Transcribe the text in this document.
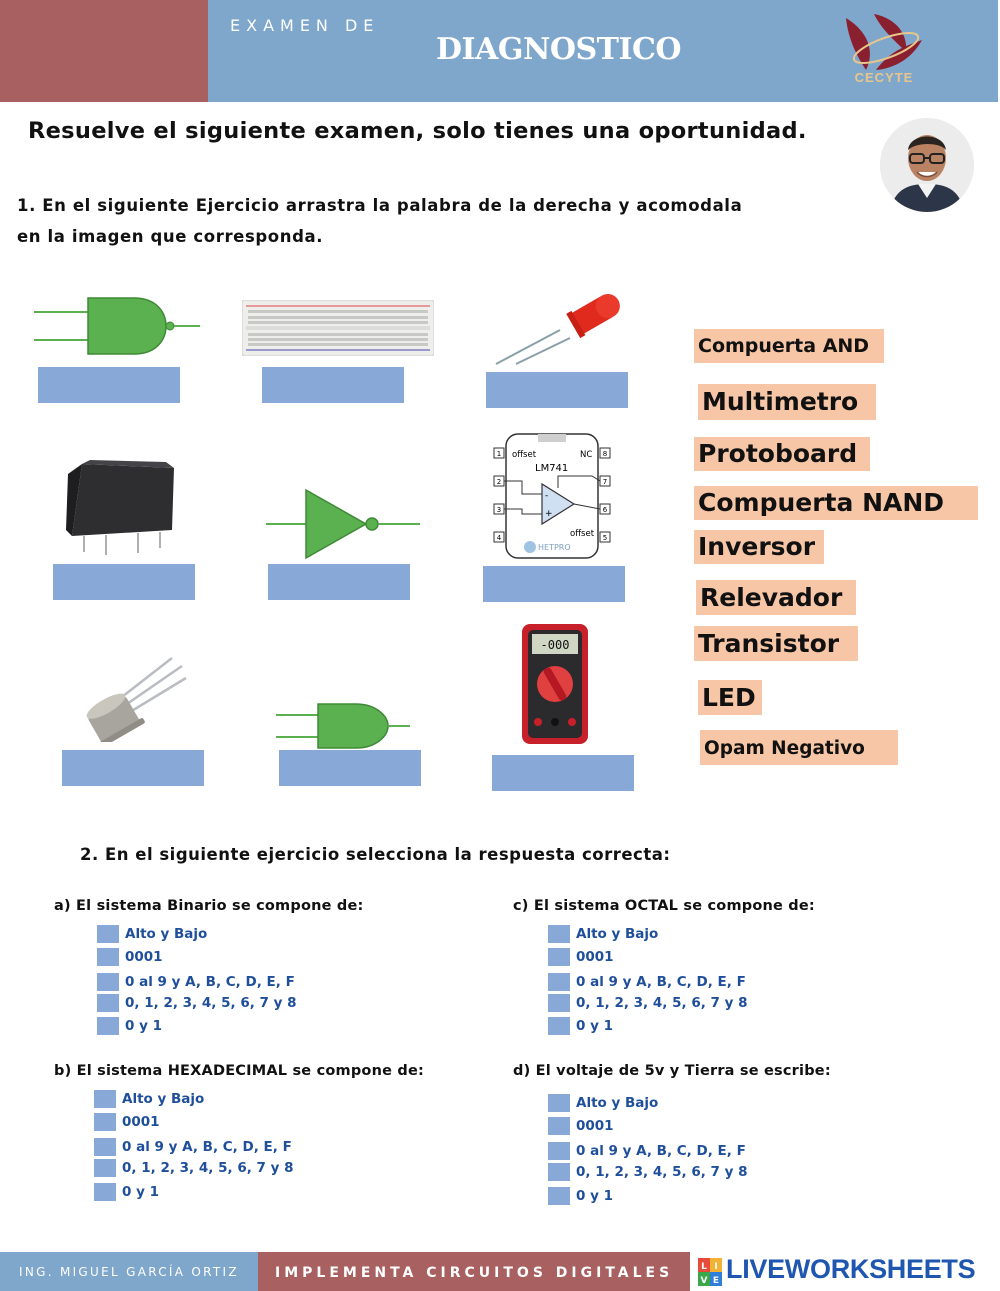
EXAMEN DE
DIAGNOSTICO
CECYTE
Resuelve el siguiente examen, solo tienes una oportunidad.
1. En el siguiente Ejercicio arrastra la palabra de la derecha y acomodala
en la imagen que corresponda.
1
2
3
4
8
7
6
5
offset	NC
LM741
-
+
offset
HETPRO
-000
Compuerta AND
Multimetro
Protoboard
Compuerta NAND
Inversor
Relevador
Transistor
LED
Opam Negativo
2. En el siguiente ejercicio selecciona la respuesta correcta:
a) El sistema Binario se compone de:
Alto y Bajo
0001
0 al 9 y A, B, C, D, E, F
0, 1, 2, 3, 4, 5, 6, 7 y 8
0 y 1
c) El sistema OCTAL se compone de:
Alto y Bajo
0001
0 al 9 y A, B, C, D, E, F
0, 1, 2, 3, 4, 5, 6, 7 y 8
0 y 1
b) El sistema HEXADECIMAL se compone de:
Alto y Bajo
0001
0 al 9 y A, B, C, D, E, F
0, 1, 2, 3, 4, 5, 6, 7 y 8
0 y 1
d) El voltaje de 5v y Tierra se escribe:
Alto y Bajo
0001
0 al 9 y A, B, C, D, E, F
0, 1, 2, 3, 4, 5, 6, 7 y 8
0 y 1
ING. MIGUEL GARCÍA ORTIZ	IMPLEMENTA CIRCUITOS DIGITALES	L I
V E LIVEWORKSHEETS
